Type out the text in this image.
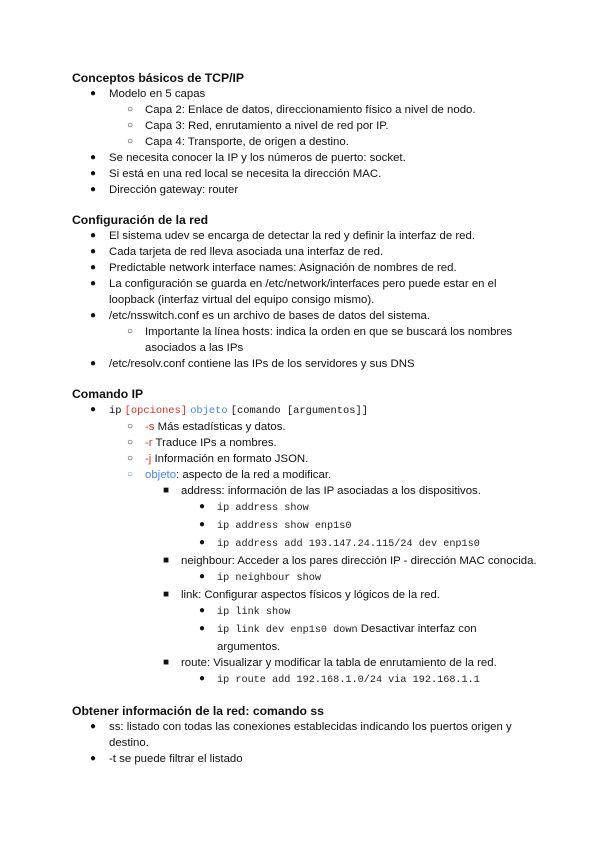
Conceptos básicos de TCP/IP
● Modelo en 5 capas
○ Capa 2: Enlace de datos, direccionamiento físico a nivel de nodo.
○ Capa 3: Red, enrutamiento a nivel de red por IP.
○ Capa 4: Transporte, de origen a destino.
● Se necesita conocer la IP y los números de puerto: socket.
● Si está en una red local se necesita la dirección MAC.
● Dirección gateway: router
Configuración de la red
● El sistema udev se encarga de detectar la red y definir la interfaz de red.
● Cada tarjeta de red lleva asociada una interfaz de red.
● Predictable network interface names: Asignación de nombres de red.
● La configuración se guarda en /etc/network/interfaces pero puede estar en el loopback (interfaz virtual del equipo consigo mismo).
● /etc/nsswitch.conf es un archivo de bases de datos del sistema.
○ Importante la línea hosts: indica la orden en que se buscará los nombres asociados a las IPs
● /etc/resolv.conf contiene las IPs de los servidores y sus DNS
Comando IP
● ip [opciones] objeto [comando [argumentos]]
○ -s Más estadísticas y datos.
○ -r Traduce IPs a nombres.
○ -j Información en formato JSON.
○ objeto: aspecto de la red a modificar.
■ address: información de las IP asociadas a los dispositivos.
● ip address show
● ip address show enp1s0
● ip address add 193.147.24.115/24 dev enp1s0
■ neighbour: Acceder a los pares dirección IP - dirección MAC conocida.
● ip neighbour show
■ link: Configurar aspectos físicos y lógicos de la red.
● ip link show
● ip link dev enp1s0 down Desactivar interfaz con argumentos.
■ route: Visualizar y modificar la tabla de enrutamiento de la red.
● ip route add 192.168.1.0/24 via 192.168.1.1
Obtener información de la red: comando ss
● ss: listado con todas las conexiones establecidas indicando los puertos origen y destino.
● -t se puede filtrar el listado
